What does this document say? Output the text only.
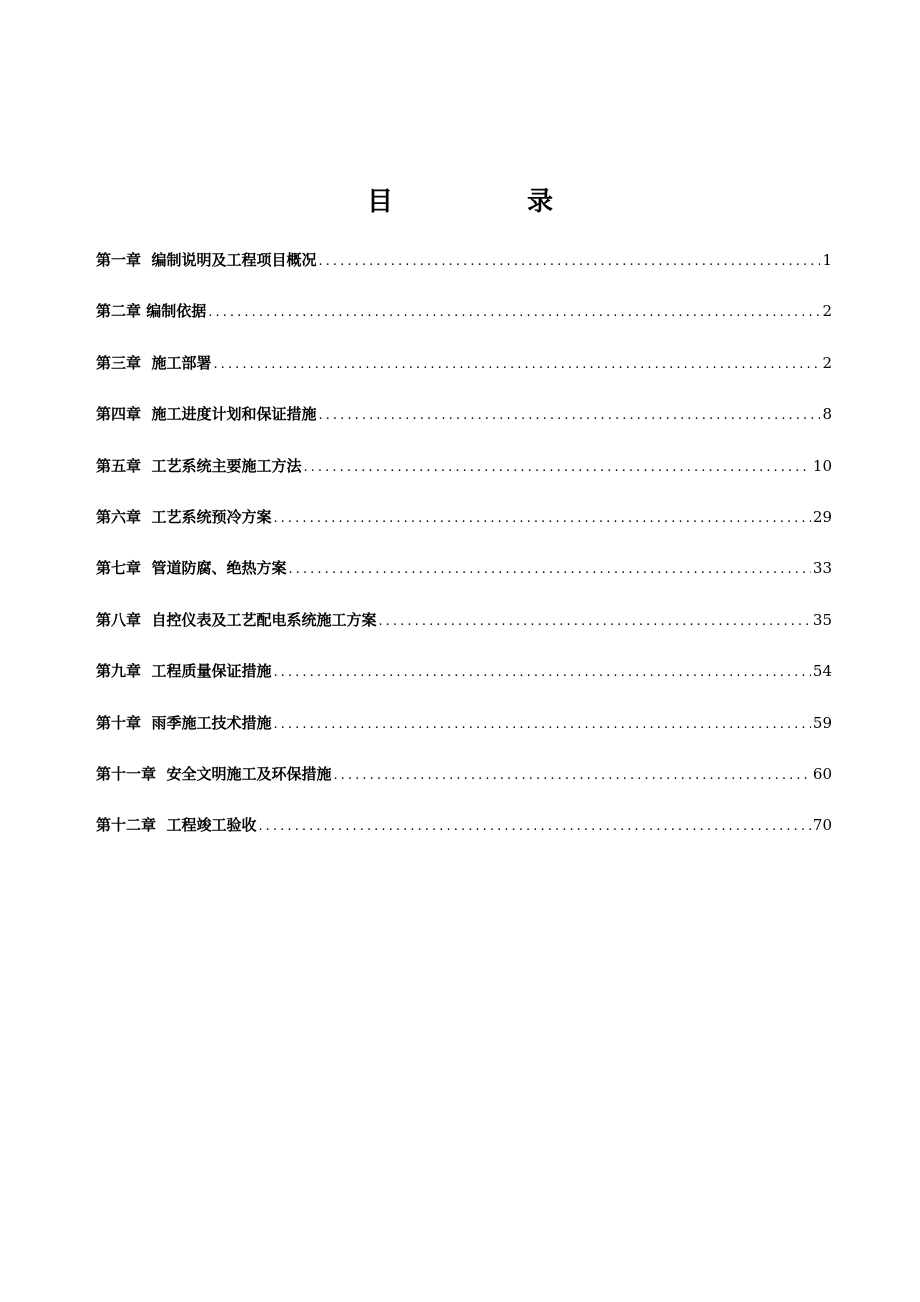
目　录
第一章  编制说明及工程项目概况 .....	1
第二章 编制依据 .....	2
第三章  施工部署 .....	2
第四章  施工进度计划和保证措施 .....	8
第五章  工艺系统主要施工方法 .....	10
第六章  工艺系统预冷方案 .....	29
第七章  管道防腐、绝热方案 .....	33
第八章  自控仪表及工艺配电系统施工方案 .....	35
第九章  工程质量保证措施 .....	54
第十章  雨季施工技术措施 .....	59
第十一章  安全文明施工及环保措施 .....	60
第十二章  工程竣工验收 .....	70
